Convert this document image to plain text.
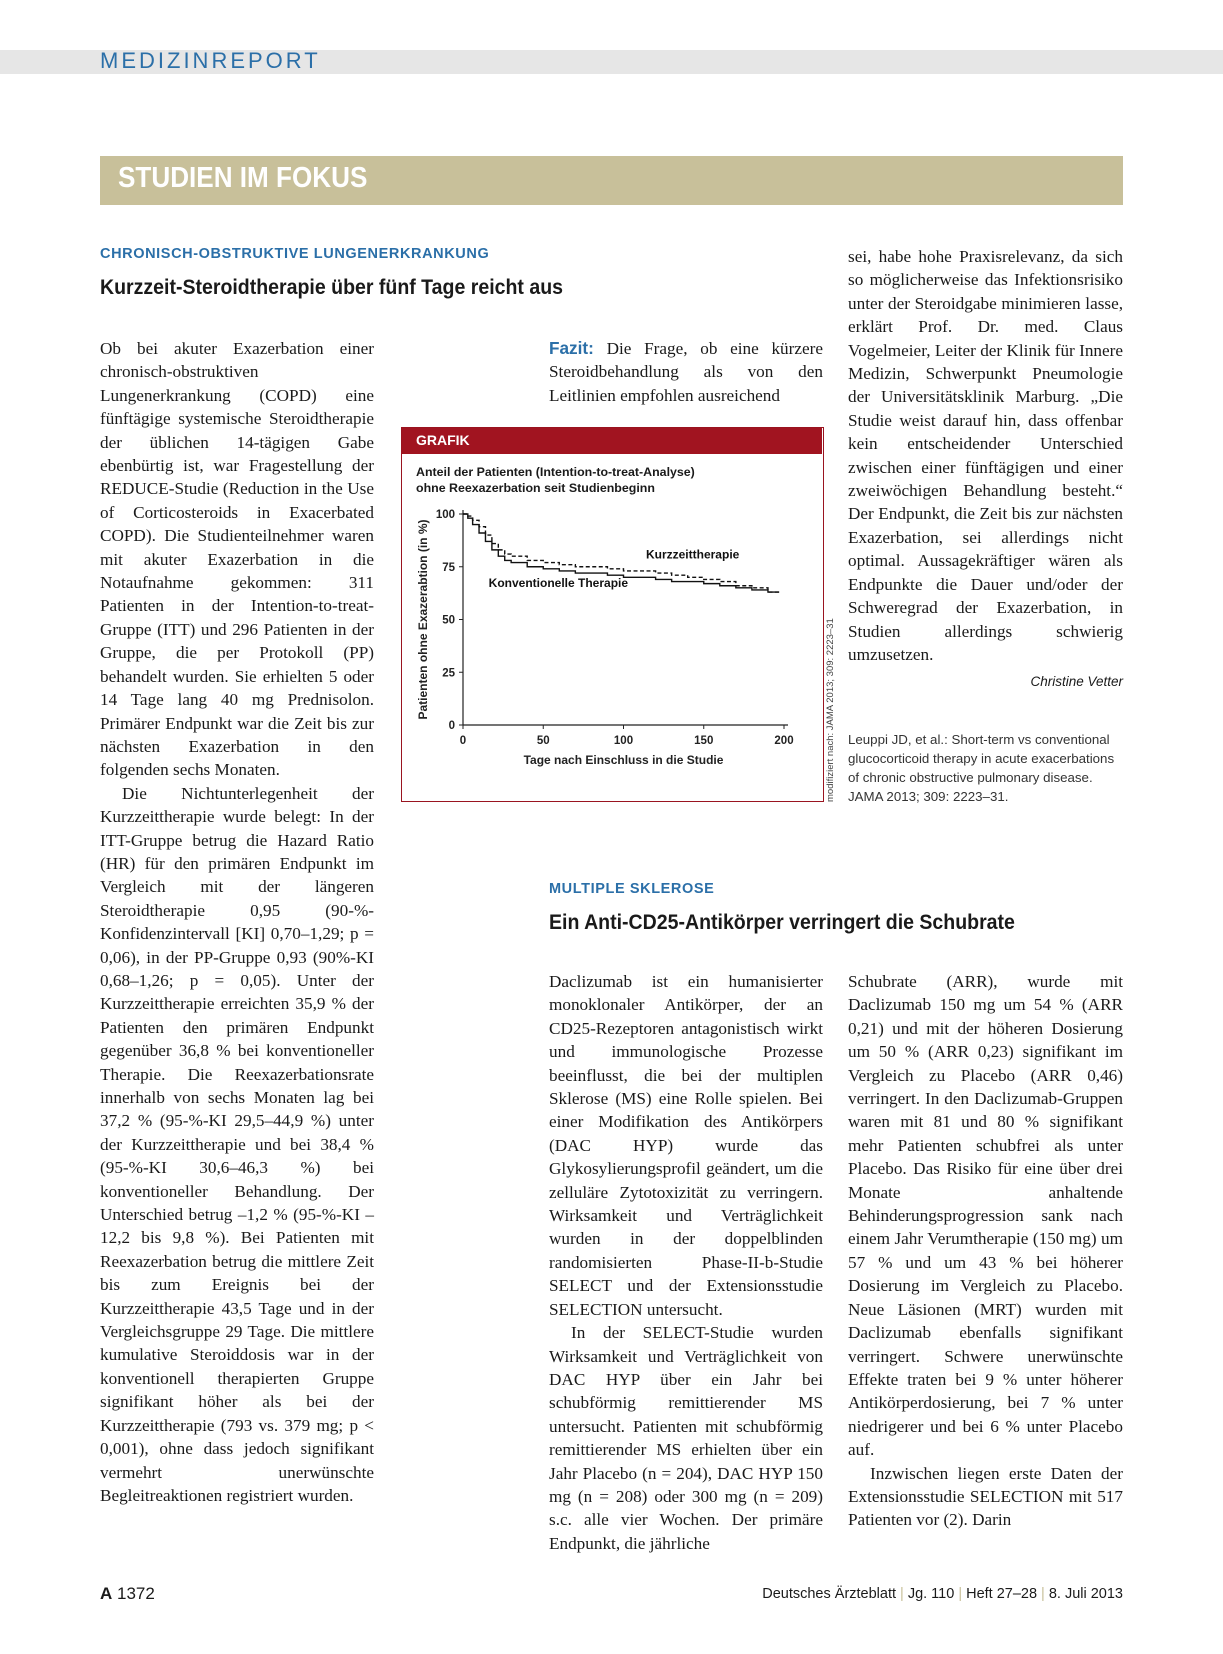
MEDIZINREPORT
STUDIEN IM FOKUS
CHRONISCH-OBSTRUKTIVE LUNGENERKRANKUNG
Kurzzeit-Steroidtherapie über fünf Tage reicht aus

Ob bei akuter Exazerbation einer chronisch-obstruktiven Lungenerkrankung (COPD) eine fünftägige systemische Steroidtherapie der üblichen 14-tägigen Gabe ebenbürtig ist, war Fragestellung der REDUCE-Studie (Reduction in the Use of Corticosteroids in Exacerbated COPD). Die Studienteilnehmer waren mit akuter Exazerbation in die Notaufnahme gekommen: 311 Patienten in der Intention-to-treat-Gruppe (ITT) und 296 Patienten in der Gruppe, die per Protokoll (PP) behandelt wurden. Sie erhielten 5 oder 14 Tage lang 40 mg Prednisolon. Primärer Endpunkt war die Zeit bis zur nächsten Exazerbation in den folgenden sechs Monaten.

Die Nichtunterlegenheit der Kurzzeittherapie wurde belegt: In der ITT-Gruppe betrug die Hazard Ratio (HR) für den primären Endpunkt im Vergleich mit der längeren Steroidtherapie 0,95 (90-%-Konfidenzintervall [KI] 0,70–1,29; p = 0,06), in der PP-Gruppe 0,93 (90%-KI 0,68–1,26; p = 0,05). Unter der Kurzzeittherapie erreichten 35,9 % der Patienten den primären Endpunkt gegenüber 36,8 % bei konventioneller Therapie. Die Reexazerbationsrate innerhalb von sechs Monaten lag bei 37,2 % (95-%-KI 29,5–44,9 %) unter der Kurzzeittherapie und bei 38,4 % (95-%-KI 30,6–46,3 %) bei konventioneller Behandlung. Der Unterschied betrug –1,2 % (95-%-KI –12,2 bis 9,8 %). Bei Patienten mit Reexazerbation betrug die mittlere Zeit bis zum Ereignis bei der Kurzzeittherapie 43,5 Tage und in der Vergleichsgruppe 29 Tage. Die mittlere kumulative Steroiddosis war in der konventionell therapierten Gruppe signifikant höher als bei der Kurzzeittherapie (793 vs. 379 mg; p < 0,001), ohne dass jedoch signifikant vermehrt unerwünschte Begleitreaktionen registriert wurden.

Fazit: Die Frage, ob eine kürzere Steroidbehandlung als von den Leitlinien empfohlen ausreichend

sei, habe hohe Praxisrelevanz, da sich so möglicherweise das Infektionsrisiko unter der Steroidgabe minimieren lasse, erklärt Prof. Dr. med. Claus Vogelmeier, Leiter der Klinik für Innere Medizin, Schwerpunkt Pneumologie der Universitätsklinik Marburg. „Die Studie weist darauf hin, dass offenbar kein entscheidender Unterschied zwischen einer fünftägigen und einer zweiwöchigen Behandlung besteht.“ Der Endpunkt, die Zeit bis zur nächsten Exazerbation, sei allerdings nicht optimal. Aussagekräftiger wären als Endpunkte die Dauer und/oder der Schweregrad der Exazerbation, in Studien allerdings schwierig umzusetzen.

Christine Vetter
Leuppi JD, et al.: Short-term vs conventional glucocorticoid therapy in acute exacerbations of chronic obstructive pulmonary disease. JAMA 2013; 309: 2223–31.
GRAFIK
Anteil der Patienten (Intention-to-treat-Analyse)
ohne Reexazerbation seit Studienbeginn
0
25
50
75
100
0	50	100	150	200
Tage nach Einschluss in die Studie
Patienten ohne Exazerabtion (in %)	Kurzzeittherapie
Konventionelle Therapie
modifiziert nach: JAMA 2013; 309: 2223–31
MULTIPLE SKLEROSE
Ein Anti-CD25-Antikörper verringert die Schubrate

Daclizumab ist ein humanisierter monoklonaler Antikörper, der an CD25-Rezeptoren antagonistisch wirkt und immunologische Prozesse beeinflusst, die bei der multiplen Sklerose (MS) eine Rolle spielen. Bei einer Modifikation des Antikörpers (DAC HYP) wurde das Glykosylierungsprofil geändert, um die zelluläre Zytotoxizität zu verringern. Wirksamkeit und Verträglichkeit wurden in der doppelblinden randomisierten Phase-II-b-Studie SELECT und der Extensionsstudie SELECTION untersucht.

In der SELECT-Studie wurden Wirksamkeit und Verträglichkeit von DAC HYP über ein Jahr bei schubförmig remittierender MS untersucht. Patienten mit schubförmig remittierender MS erhielten über ein Jahr Placebo (n = 204), DAC HYP 150 mg (n = 208) oder 300 mg (n = 209) s.c. alle vier Wochen. Der primäre Endpunkt, die jährliche

Schubrate (ARR), wurde mit Daclizumab 150 mg um 54 % (ARR 0,21) und mit der höheren Dosierung um 50 % (ARR 0,23) signifikant im Vergleich zu Placebo (ARR 0,46) verringert. In den Daclizumab-Gruppen waren mit 81 und 80 % signifikant mehr Patienten schubfrei als unter Placebo. Das Risiko für eine über drei Monate anhaltende Behinderungsprogression sank nach einem Jahr Verumtherapie (150 mg) um 57 % und um 43 % bei höherer Dosierung im Vergleich zu Placebo. Neue Läsionen (MRT) wurden mit Daclizumab ebenfalls signifikant verringert. Schwere unerwünschte Effekte traten bei 9 % unter höherer Antikörperdosierung, bei 7 % unter niedrigerer und bei 6 % unter Placebo auf.

Inzwischen liegen erste Daten der Extensionsstudie SELECTION mit 517 Patienten vor (2). Darin

A 1372	Deutsches Ärzteblatt | Jg. 110 | Heft 27–28 | 8. Juli 2013
